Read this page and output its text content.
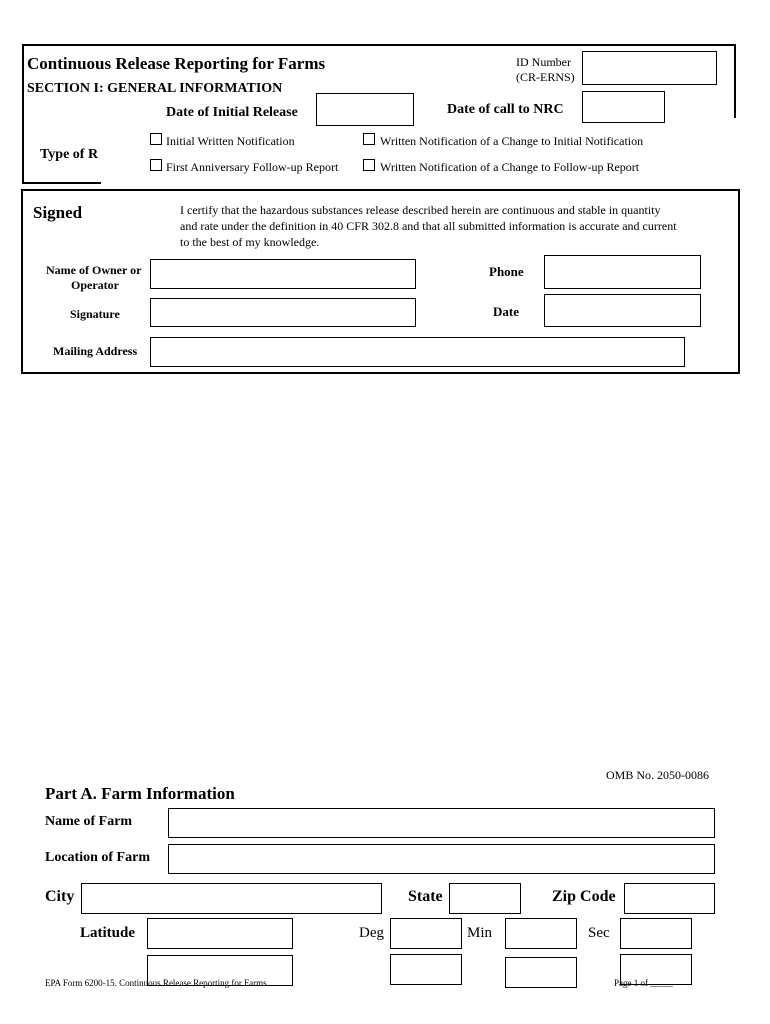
Continuous Release Reporting for Farms
SECTION I: GENERAL INFORMATION
ID Number
(CR-ERNS)
Date of Initial Release	Date of call to NRC
Type of R
Initial Written Notification	Written Notification of a Change to Initial Notification
First Anniversary Follow-up Report	Written Notification of a Change to Follow-up Report
Signed	I certify that the hazardous substances release described herein are continuous and stable in quantity
and rate under the definition in 40 CFR 302.8 and that all submitted information is accurate and current
to the best of my knowledge.
Name of Owner or
Operator
Phone
Signature	Date
Mailing Address
OMB No. 2050-0086
Part A. Farm Information
Name of Farm
Location of Farm
City	State	Zip Code
Latitude	Deg	Min	Sec
EPA Form 6200-15. Continuous Release Reporting for Farms	Page 1 of _____
